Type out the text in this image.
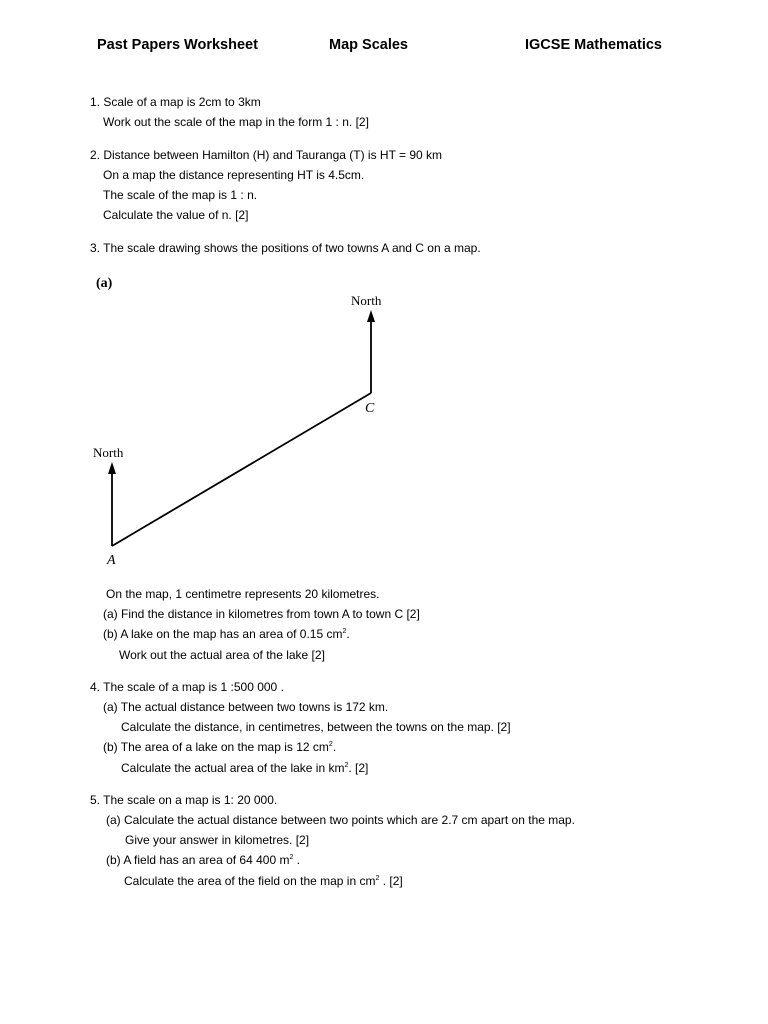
Past Papers Worksheet	Map Scales	IGCSE Mathematics
1. Scale of a map is 2cm to 3km
Work out the scale of the map in the form 1 : n. [2]
2. Distance between Hamilton (H) and Tauranga (T) is HT = 90 km
On a map the distance representing HT is 4.5cm.
The scale of the map is 1 : n.
Calculate the value of n. [2]
3. The scale drawing shows the positions of two towns A and C on a map.
(a)
North
North
C
A
On the map, 1 centimetre represents 20 kilometres.
(a) Find the distance in kilometres from town A to town C [2]
(b) A lake on the map has an area of 0.15 $cm^2$.
Work out the actual area of the lake [2]
4. The scale of a map is 1 :500 000 .
(a) The actual distance between two towns is 172 km.
Calculate the distance, in centimetres, between the towns on the map. [2]
(b) The area of a lake on the map is 12 $cm^2$.
Calculate the actual area of the lake in $km^2$. [2]
5. The scale on a map is 1: 20 000.
(a) Calculate the actual distance between two points which are 2.7 cm apart on the map.
Give your answer in kilometres. [2]
(b) A field has an area of 64 400 $m^2$ .
Calculate the area of the field on the map in $cm^2$ . [2]
